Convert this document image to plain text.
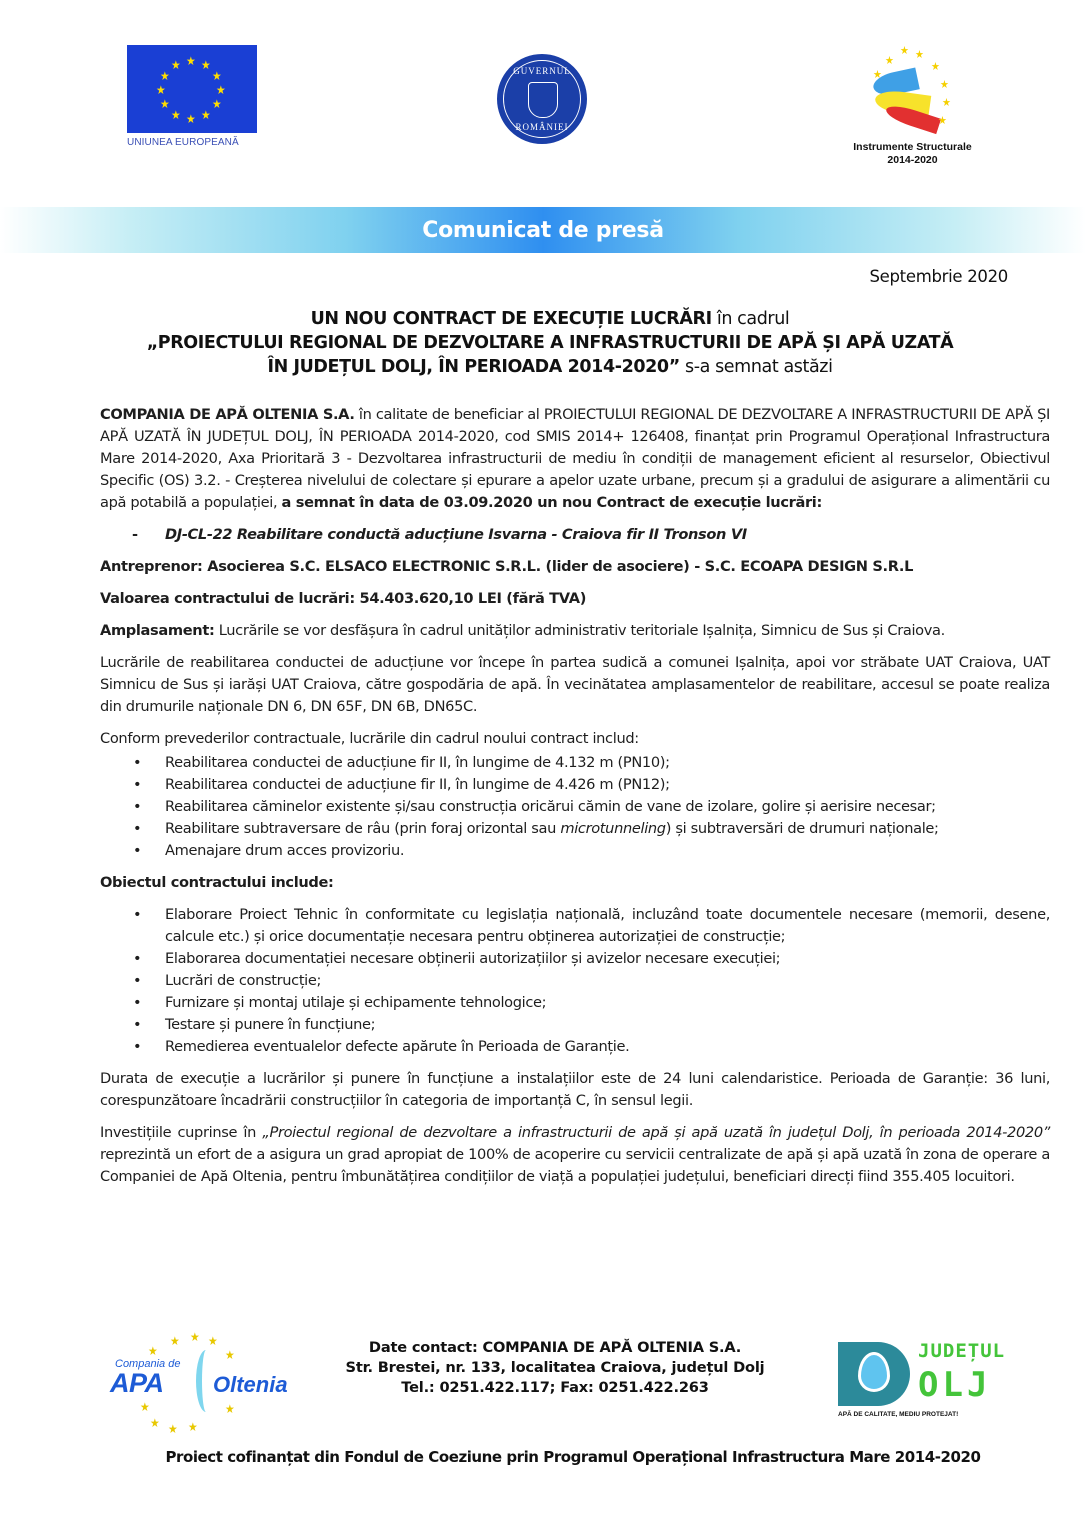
★ ★
★
★
★
★
★
★
★
★
★
★
UNIUNEA EUROPEANĂ
GUVERNUL
ROMÂNIEI
★
★ ★
★
★
★
★
★
Instrumente Structurale
2014-2020
Comunicat de presă
Septembrie 2020
UN NOU CONTRACT DE EXECUȚIE LUCRĂRI în cadrul
„PROIECTULUI REGIONAL DE DEZVOLTARE A INFRASTRUCTURII DE APĂ ȘI APĂ UZATĂ
ÎN JUDEȚUL DOLJ, ÎN PERIOADA 2014-2020” s-a semnat astăzi

COMPANIA DE APĂ OLTENIA S.A. în calitate de beneficiar al PROIECTULUI REGIONAL DE DEZVOLTARE A INFRASTRUCTURII DE APĂ ȘI APĂ UZATĂ ÎN JUDEȚUL DOLJ, ÎN PERIOADA 2014-2020, cod SMIS 2014+ 126408, finanțat prin Programul Operațional Infrastructura Mare 2014-2020, Axa Prioritară 3 - Dezvoltarea infrastructurii de mediu în condiții de management eficient al resurselor, Obiectivul Specific (OS) 3.2. - Creșterea nivelului de colectare și epurare a apelor uzate urbane, precum și a gradului de asigurare a alimentării cu apă potabilă a populației, a semnat în data de 03.09.2020 un nou Contract de execuție lucrări:

- DJ-CL-22 Reabilitare conductă aducțiune Isvarna - Craiova fir II Tronson VI

Antreprenor: Asocierea S.C. ELSACO ELECTRONIC S.R.L. (lider de asociere) - S.C. ECOAPA DESIGN S.R.L

Valoarea contractului de lucrări: 54.403.620,10 LEI (fără TVA)

Amplasament: Lucrările se vor desfășura în cadrul unităților administrativ teritoriale Ișalnița, Simnicu de Sus și Craiova.

Lucrările de reabilitarea conductei de aducțiune vor începe în partea sudică a comunei Ișalnița, apoi vor străbate UAT Craiova, UAT Simnicu de Sus și iarăși UAT Craiova, către gospodăria de apă. În vecinătatea amplasamentelor de reabilitare, accesul se poate realiza din drumurile naționale DN 6, DN 65F, DN 6B, DN65C.

Conform prevederilor contractuale, lucrările din cadrul noului contract includ:

• Reabilitarea conductei de aducțiune fir II, în lungime de 4.132 m (PN10);
• Reabilitarea conductei de aducțiune fir II, în lungime de 4.426 m (PN12);
• Reabilitarea căminelor existente și/sau construcția oricărui cămin de vane de izolare, golire și aerisire necesar;
• Reabilitare subtraversare de râu (prin foraj orizontal sau microtunneling) și subtraversări de drumuri naționale;
• Amenajare drum acces provizoriu.

Obiectul contractului include:

• Elaborare Proiect Tehnic în conformitate cu legislația națională, incluzând toate documentele necesare (memorii, desene, calcule etc.) și orice documentație necesara pentru obținerea autorizației de construcție;
• Elaborarea documentației necesare obținerii autorizațiilor și avizelor necesare execuției;
• Lucrări de construcție;
• Furnizare și montaj utilaje și echipamente tehnologice;
• Testare și punere în funcțiune;
• Remedierea eventualelor defecte apărute în Perioada de Garanție.

Durata de execuție a lucrărilor și punere în funcțiune a instalațiilor este de 24 luni calendaristice. Perioada de Garanție: 36 luni, corespunzătoare încadrării construcțiilor în categoria de importanță C, în sensul legii.

Investițiile cuprinse în „Proiectul regional de dezvoltare a infrastructurii de apă și apă uzată în județul Dolj, în perioada 2014-2020” reprezintă un efort de a asigura un grad apropiat de 100% de acoperire cu servicii centralizate de apă și apă uzată în zona de operare a Companiei de Apă Oltenia, pentru îmbunătățirea condițiilor de viață a populației județului, beneficiari direcți fiind 355.405 locuitori.

★ ★ ★
★
★
★
★ ★ ★
★
Compania de
APA Oltenia
Date contact: COMPANIA DE APĂ OLTENIA S.A.
Str. Brestei, nr. 133, localitatea Craiova, județul Dolj
Tel.: 0251.422.117; Fax: 0251.422.263
JUDEȚUL
OLJ
APĂ DE CALITATE, MEDIU PROTEJAT!
Proiect cofinanțat din Fondul de Coeziune prin Programul Operațional Infrastructura Mare 2014-2020
